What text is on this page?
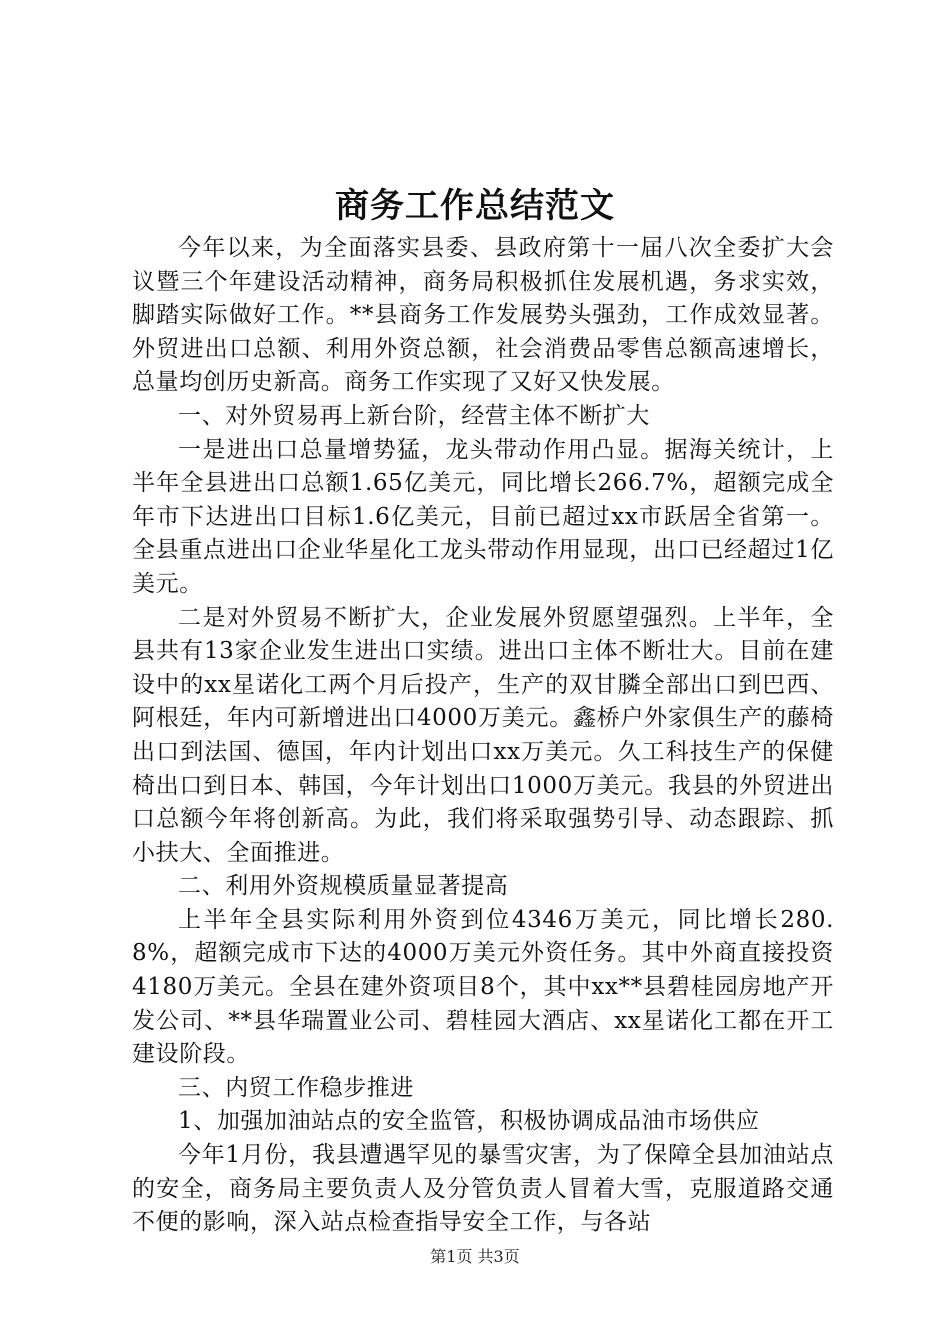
商务工作总结范文

今年以来，为全面落实县委、县政府第十一届八次全委扩大会议暨三个年建设活动精神，商务局积极抓住发展机遇，务求实效，脚踏实际做好工作。**县商务工作发展势头强劲，工作成效显著。外贸进出口总额、利用外资总额，社会消费品零售总额高速增长，总量均创历史新高。商务工作实现了又好又快发展。

一、对外贸易再上新台阶，经营主体不断扩大

一是进出口总量增势猛，龙头带动作用凸显。据海关统计，上半年全县进出口总额1.65亿美元，同比增长266.7%，超额完成全年市下达进出口目标1.6亿美元，目前已超过xx市跃居全省第一。全县重点进出口企业华星化工龙头带动作用显现，出口已经超过1亿美元。

二是对外贸易不断扩大，企业发展外贸愿望强烈。上半年，全县共有13家企业发生进出口实绩。进出口主体不断壮大。目前在建设中的xx星诺化工两个月后投产，生产的双甘膦全部出口到巴西、阿根廷，年内可新增进出口4000万美元。鑫桥户外家俱生产的藤椅出口到法国、德国，年内计划出口xx万美元。久工科技生产的保健椅出口到日本、韩国，今年计划出口1000万美元。我县的外贸进出口总额今年将创新高。为此，我们将采取强势引导、动态跟踪、抓小扶大、全面推进。

二、利用外资规模质量显著提高

上半年全县实际利用外资到位4346万美元，同比增长280.8%，超额完成市下达的4000万美元外资任务。其中外商直接投资4180万美元。全县在建外资项目8个，其中xx**县碧桂园房地产开发公司、**县华瑞置业公司、碧桂园大酒店、xx星诺化工都在开工建设阶段。

三、内贸工作稳步推进

1、加强加油站点的安全监管，积极协调成品油市场供应

今年1月份，我县遭遇罕见的暴雪灾害，为了保障全县加油站点的安全，商务局主要负责人及分管负责人冒着大雪，克服道路交通不便的影响，深入站点检查指导安全工作，与各站

第1页 共3页
